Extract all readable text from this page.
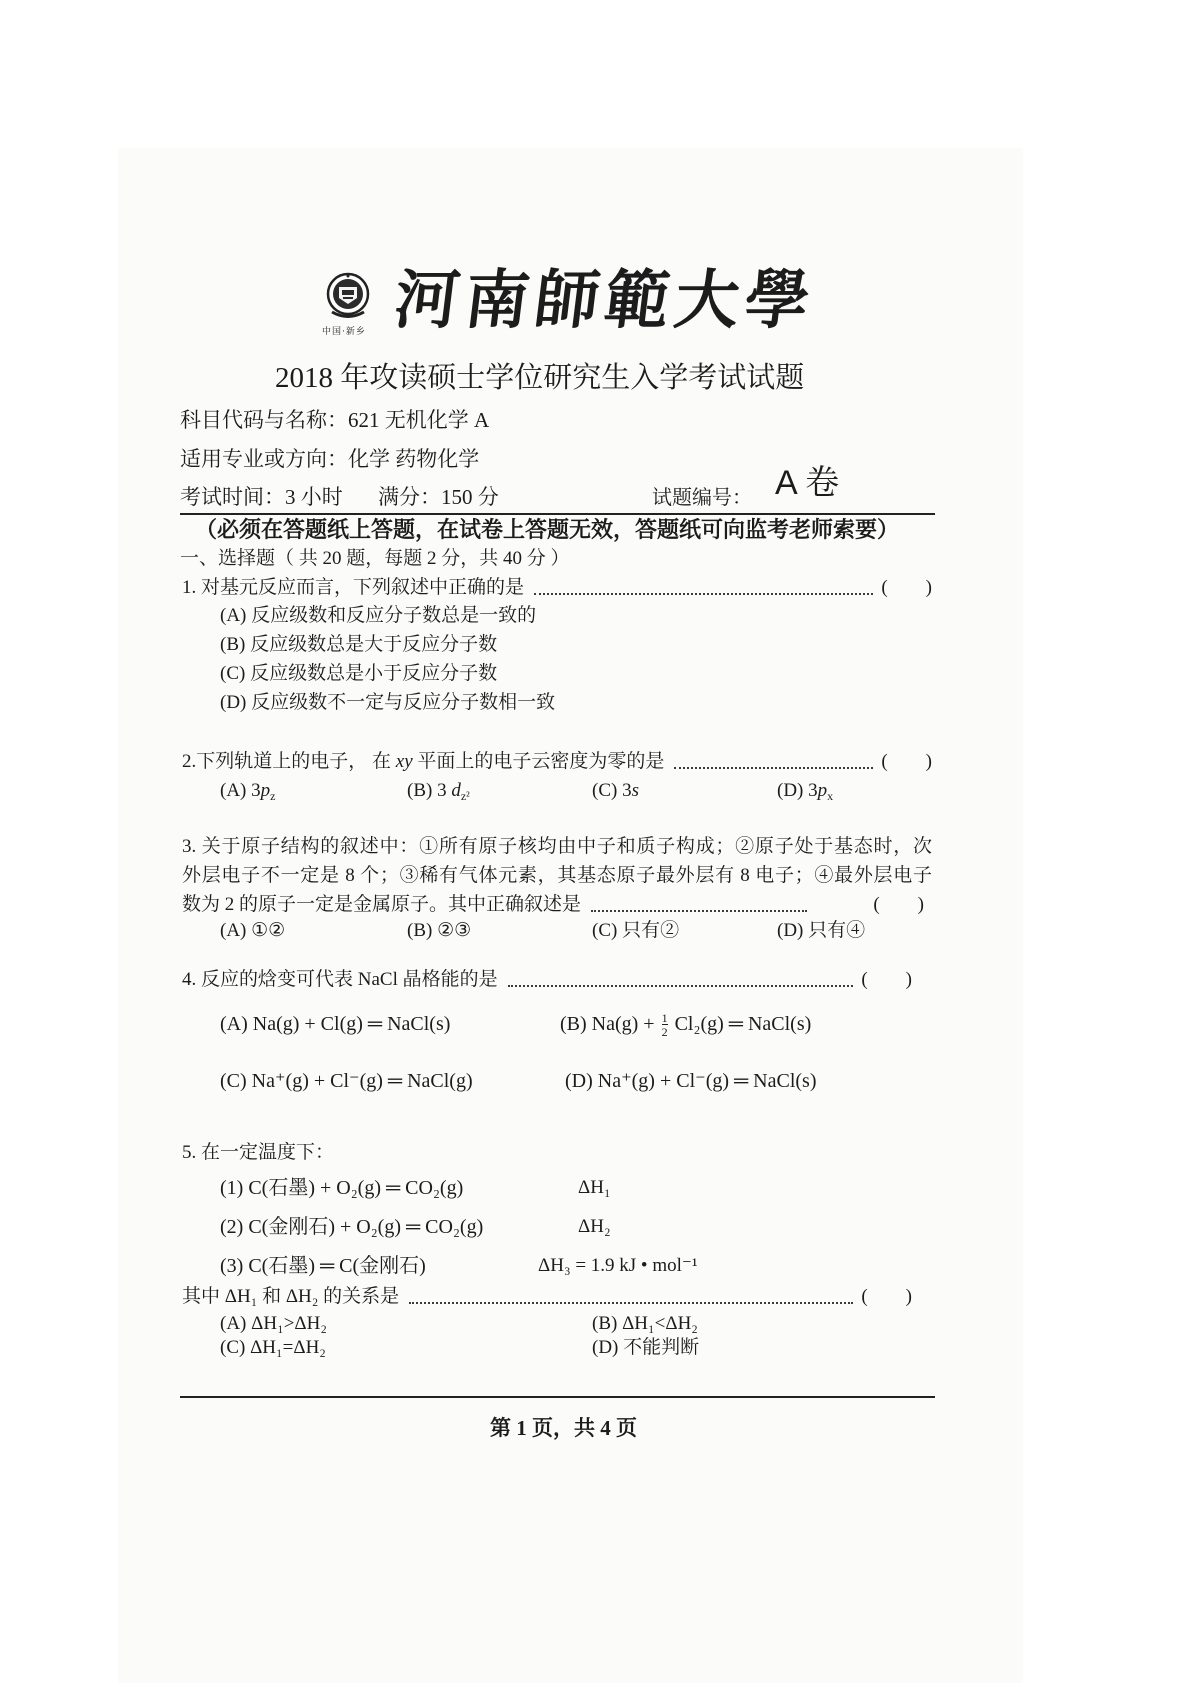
中国·新乡 河南師範大學
2018 年攻读硕士学位研究生入学考试试题
科目代码与名称：621 无机化学 A
适用专业或方向：化学 药物化学
考试时间：3 小时 满分：150 分	试题编号： A 卷
（必须在答题纸上答题，在试卷上答题无效，答题纸可向监考老师索要）
一、选择题（ 共 20 题，每题 2 分，共 40 分 ）
1. 对基元反应而言，下列叙述中正确的是	(　　)
(A) 反应级数和反应分子数总是一致的
(B) 反应级数总是大于反应分子数
(C) 反应级数总是小于反应分子数
(D) 反应级数不一定与反应分子数相一致
2.下列轨道上的电子， 在 xy 平面上的电子云密度为零的是	(　　)
(A) $3p_z$	(B) 3 $d_{z^2}$	(C) 3s	(D) $3p_x$
3. 关于原子结构的叙述中：①所有原子核均由中子和质子构成；②原子处于基态时，次
外层电子不一定是 8 个；③稀有气体元素，其基态原子最外层有 8 电子；④最外层电子
数为 2 的原子一定是金属原子。其中正确叙述是	(　　)
(A) ①②	(B) ②③	(C) 只有②	(D) 只有④
4. 反应的焓变可代表 NaCl 晶格能的是	(　　)
(A) Na(g) + Cl(g) ═ NaCl(s)	(B) $Na(g) + \frac{1}{2} Cl_2(g)$ ═ NaCl(s)
(C) Na⁺(g) + Cl⁻(g) ═ NaCl(g)	(D) Na⁺(g) + Cl⁻(g) ═ NaCl(s)
5. 在一定温度下：
(1) C(石墨) + O₂(g) ═ CO₂(g)	ΔH₁
(2) C(金刚石) + O₂(g) ═ CO₂(g)	ΔH₂
(3) C(石墨) ═ C(金刚石)	ΔH₃ = 1.9 kJ • mol⁻¹
其中 ΔH₁ 和 ΔH₂ 的关系是	(　　)
(A) ΔH₁>ΔH₂	(B) ΔH₁<ΔH₂
(C) ΔH₁=ΔH₂	(D) 不能判断
第 1 页，共 4 页
